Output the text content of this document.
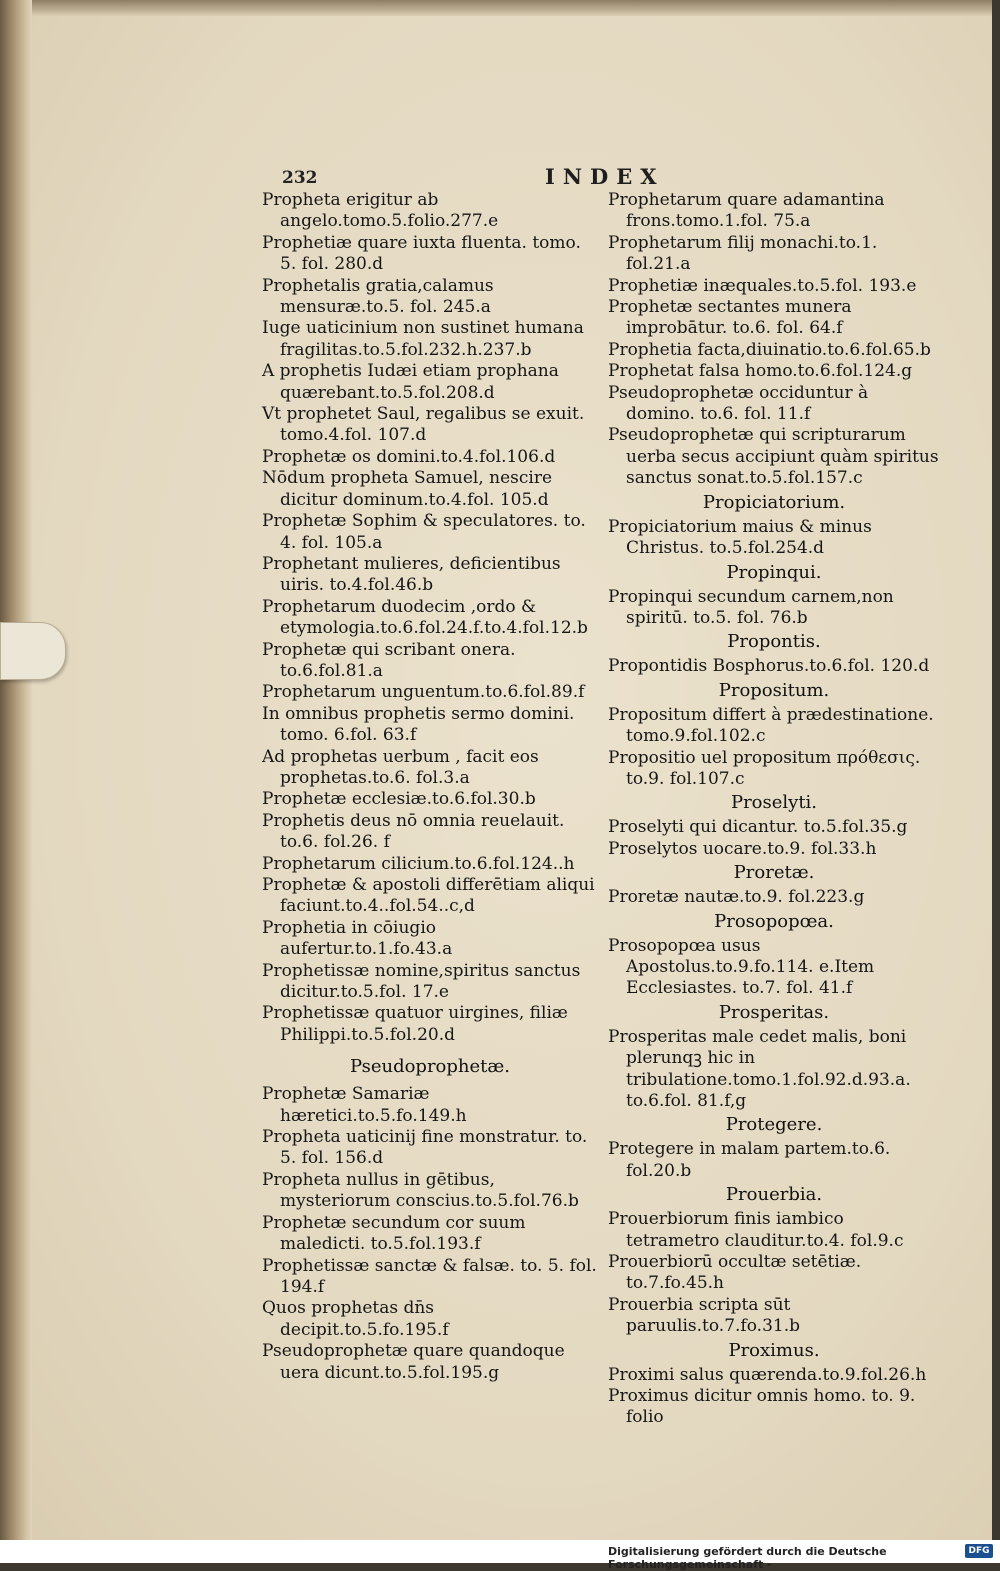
232	INDEX

Propheta erigitur ab angelo.tomo.5.folio.277.e

Prophetiæ quare iuxta fluenta. tomo. 5. fol. 280.d

Prophetalis gratia,calamus mensuræ.to.5. fol. 245.a

Iuge uaticinium non sustinet humana fragilitas.to.5.fol.232.h.237.b

A prophetis Iudæi etiam prophana quærebant.to.5.fol.208.d

Vt prophetet Saul, regalibus se exuit. tomo.4.fol. 107.d

Prophetæ os domini.to.4.fol.106.d

Nōdum propheta Samuel, nescire dicitur dominum.to.4.fol. 105.d

Prophetæ Sophim & speculatores. to. 4. fol. 105.a

Prophetant mulieres, deficientibus uiris. to.4.fol.46.b

Prophetarum duodecim ,ordo & etymologia.to.6.fol.24.f.to.4.fol.12.b

Prophetæ qui scribant onera. to.6.fol.81.a

Prophetarum unguentum.to.6.fol.89.f

In omnibus prophetis sermo domini. tomo. 6.fol. 63.f

Ad prophetas uerbum , facit eos prophetas.to.6. fol.3.a

Prophetæ ecclesiæ.to.6.fol.30.b

Prophetis deus nō omnia reuelauit. to.6. fol.26. f

Prophetarum cilicium.to.6.fol.124..h

Prophetæ & apostoli differētiam aliqui faciunt.to.4..fol.54..c,d

Prophetia in cōiugio aufertur.to.1.fo.43.a

Prophetissæ nomine,spiritus sanctus dicitur.to.5.fol. 17.e

Prophetissæ quatuor uirgines, filiæ Philippi.to.5.fol.20.d

Pseudoprophetæ.

Prophetæ Samariæ hæretici.to.5.fo.149.h

Propheta uaticinij fine monstratur. to. 5. fol. 156.d

Propheta nullus in gētibus, mysteriorum conscius.to.5.fol.76.b

Prophetæ secundum cor suum maledicti. to.5.fol.193.f

Prophetissæ sanctæ & falsæ. to. 5. fol. 194.f

Quos prophetas dn̄s decipit.to.5.fo.195.f

Pseudoprophetæ quare quandoque uera dicunt.to.5.fol.195.g

Prophetarum quare adamantina frons.tomo.1.fol. 75.a

Prophetarum filij monachi.to.1. fol.21.a

Prophetiæ inæquales.to.5.fol. 193.e

Prophetæ sectantes munera improbātur. to.6. fol. 64.f

Prophetia facta,diuinatio.to.6.fol.65.b

Prophetat falsa homo.to.6.fol.124.g

Pseudoprophetæ occiduntur à domino. to.6. fol. 11.f

Pseudoprophetæ qui scripturarum uerba secus accipiunt quàm spiritus sanctus sonat.to.5.fol.157.c

Propiciatorium.

Propiciatorium maius & minus Christus. to.5.fol.254.d

Propinqui.

Propinqui secundum carnem,non spiritū. to.5. fol. 76.b

Propontis.

Propontidis Bosphorus.to.6.fol. 120.d

Propositum.

Propositum differt à prædestinatione. tomo.9.fol.102.c

Propositio uel propositum πρόθεσις. to.9. fol.107.c

Proselyti.

Proselyti qui dicantur. to.5.fol.35.g

Proselytos uocare.to.9. fol.33.h

Proretæ.

Proretæ nautæ.to.9. fol.223.g

Prosopopœa.

Prosopopœa usus Apostolus.to.9.fo.114. e.Item Ecclesiastes. to.7. fol. 41.f

Prosperitas.

Prosperitas male cedet malis, boni plerunqꝫ hic in tribulatione.tomo.1.fol.92.d.93.a. to.6.fol. 81.f,g

Protegere.

Protegere in malam partem.to.6. fol.20.b

Prouerbia.

Prouerbiorum finis iambico tetrametro clauditur.to.4. fol.9.c

Prouerbiorū occultæ setētiæ. to.7.fo.45.h

Prouerbia scripta sūt paruulis.to.7.fo.31.b

Proximus.

Proximi salus quærenda.to.9.fol.26.h

Proximus dicitur omnis homo. to. 9. folio

Digitalisierung gefördert durch die Deutsche Forschungsgemeinschaft -
DFG
